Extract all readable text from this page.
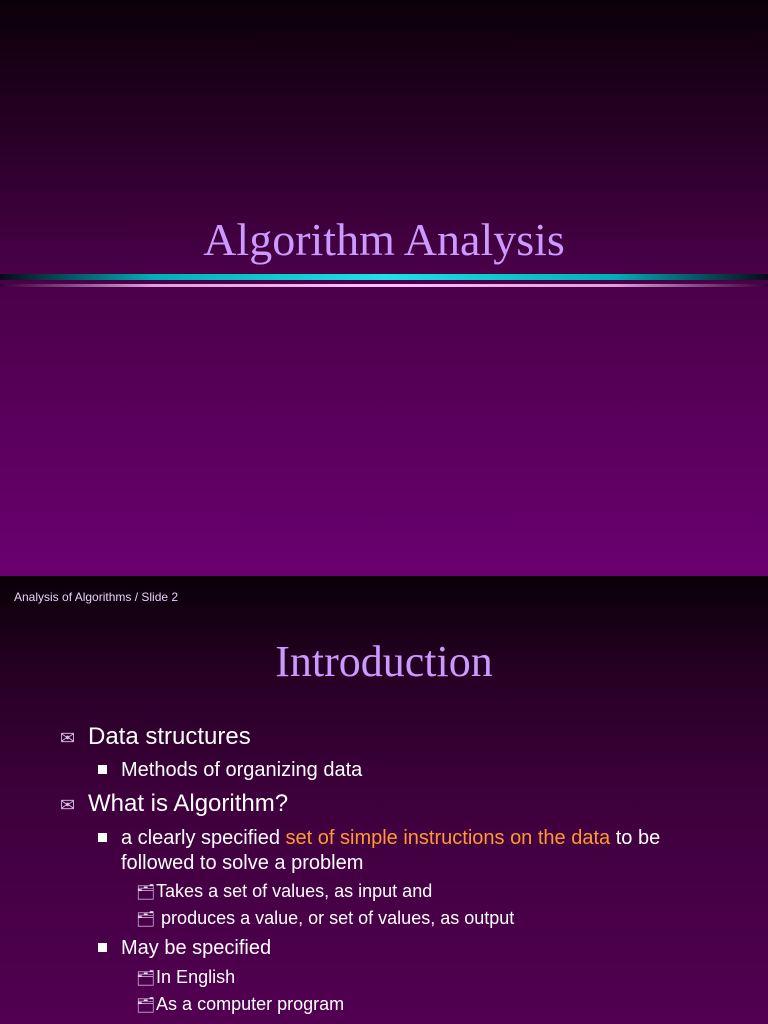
Algorithm Analysis
Analysis of Algorithms / Slide 2
Introduction
✉ Data structures
Methods of organizing data
✉ What is Algorithm?
a clearly specified set of simple instructions on the data to be
followed to solve a problem
🗂Takes a set of values, as input and
🗂 produces a value, or set of values, as output
May be specified
🗂In English
🗂As a computer program
